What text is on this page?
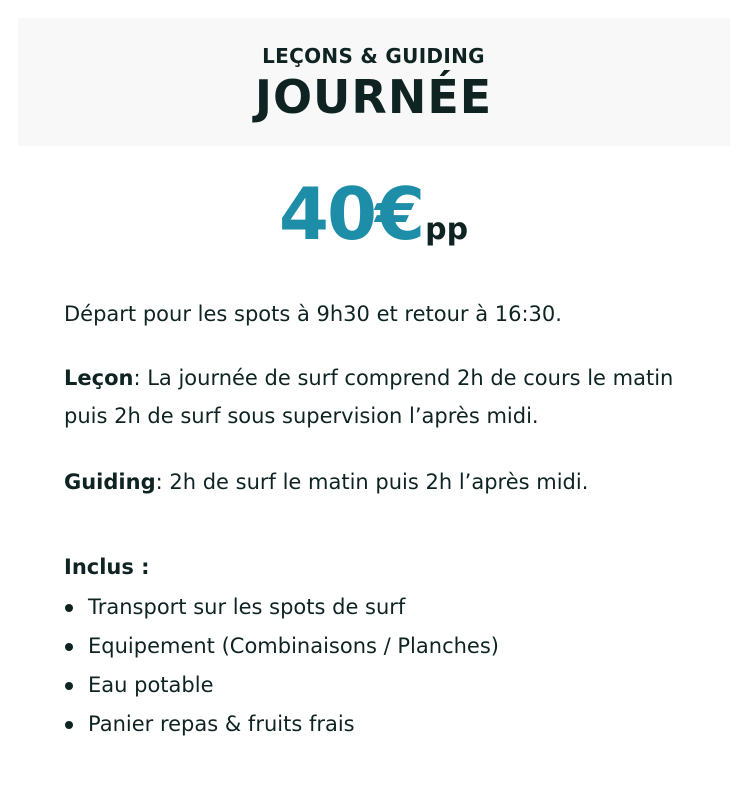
LEÇONS & GUIDING
JOURNÉE
40€pp

Départ pour les spots à 9h30 et retour à 16:30.

Leçon: La journée de surf comprend 2h de cours le matin puis 2h de surf sous supervision l’après midi.

Guiding: 2h de surf le matin puis 2h l’après midi.

Inclus :
Transport sur les spots de surf
Equipement (Combinaisons / Planches)
Eau potable
Panier repas & fruits frais
